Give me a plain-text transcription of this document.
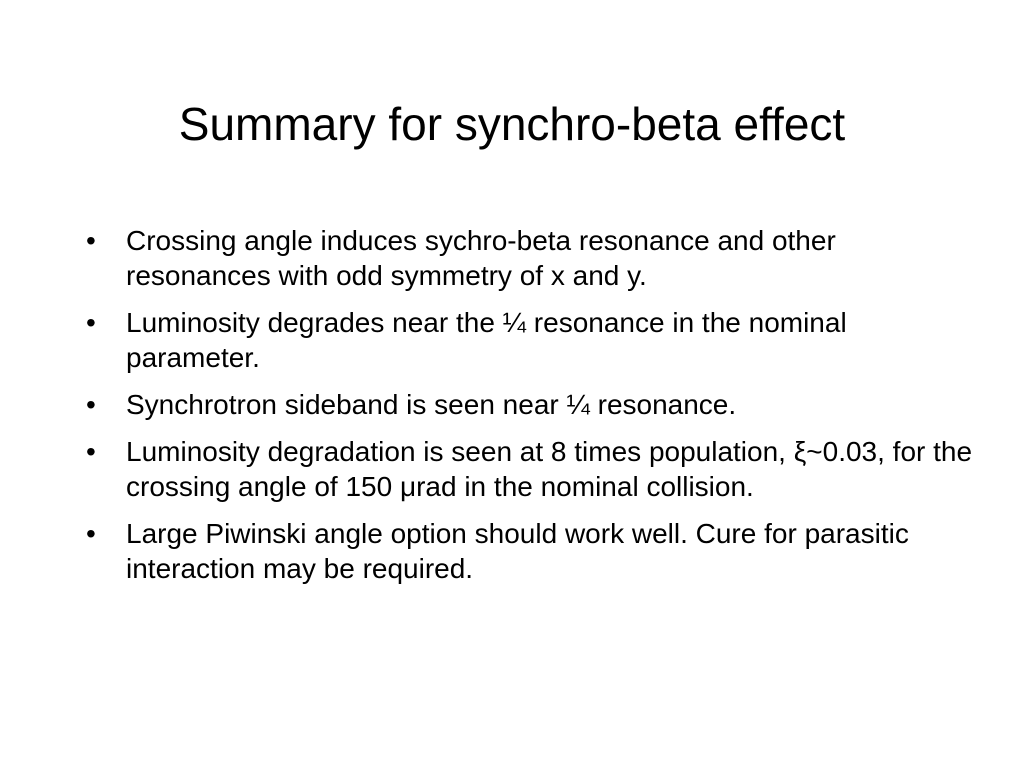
Summary for synchro-beta effect
•	Crossing angle induces sychro-beta resonance and other resonances with odd symmetry of x and y.
•	Luminosity degrades near the ¼ resonance in the nominal parameter.
•	Synchrotron sideband is seen near ¼ resonance.
•	Luminosity degradation is seen at 8 times population, ξ~0.03, for the crossing angle of 150 μrad in the nominal collision.
•	Large Piwinski angle option should work well. Cure for parasitic interaction may be required.
